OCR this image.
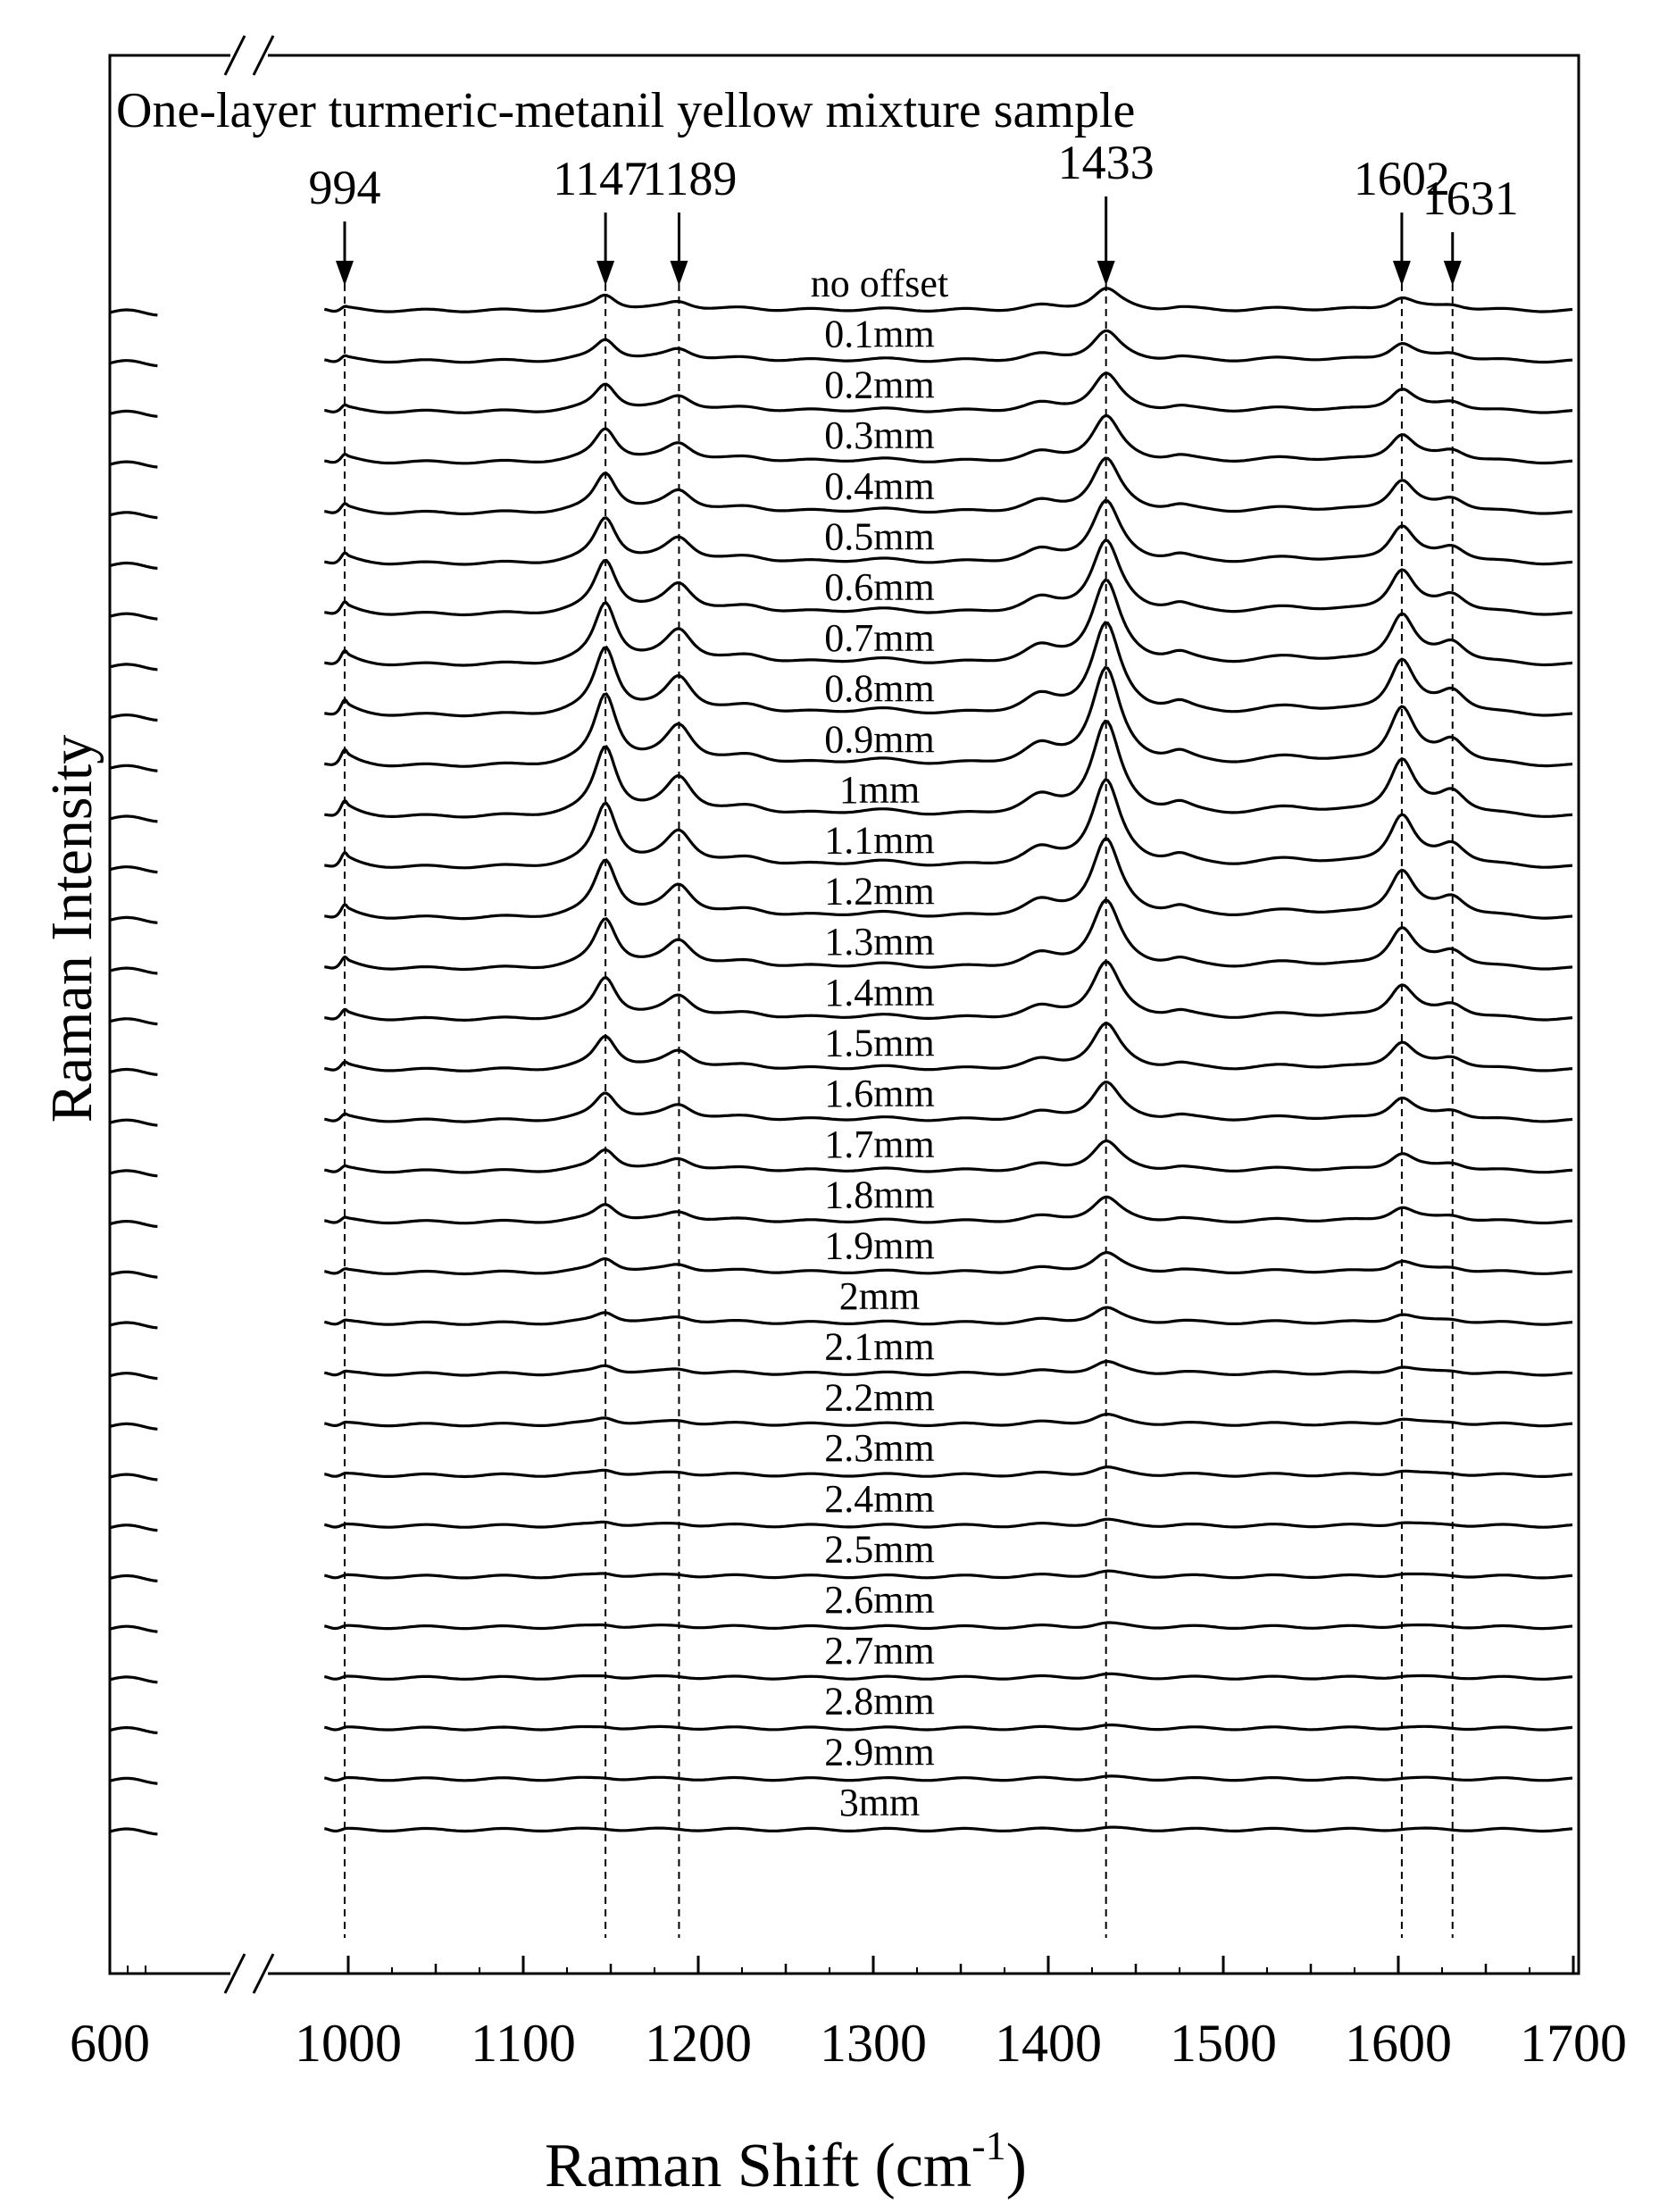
no offset
0.1mm
0.2mm
0.3mm
0.4mm
0.5mm
0.6mm
0.7mm
0.8mm
0.9mm
1mm
1.1mm
1.2mm
1.3mm
1.4mm
1.5mm
1.6mm
1.7mm
1.8mm
1.9mm
2mm
2.1mm
2.2mm
2.3mm
2.4mm
2.5mm
2.6mm
2.7mm
2.8mm
2.9mm
3mm
994	1147
1189	1433	1602
1631
600	1000 1100 1200 1300 1400 1500 1600 1700
One-layer turmeric-metanil yellow mixture sample
Raman Intensity
Raman Shift $(cm^{-1})$
